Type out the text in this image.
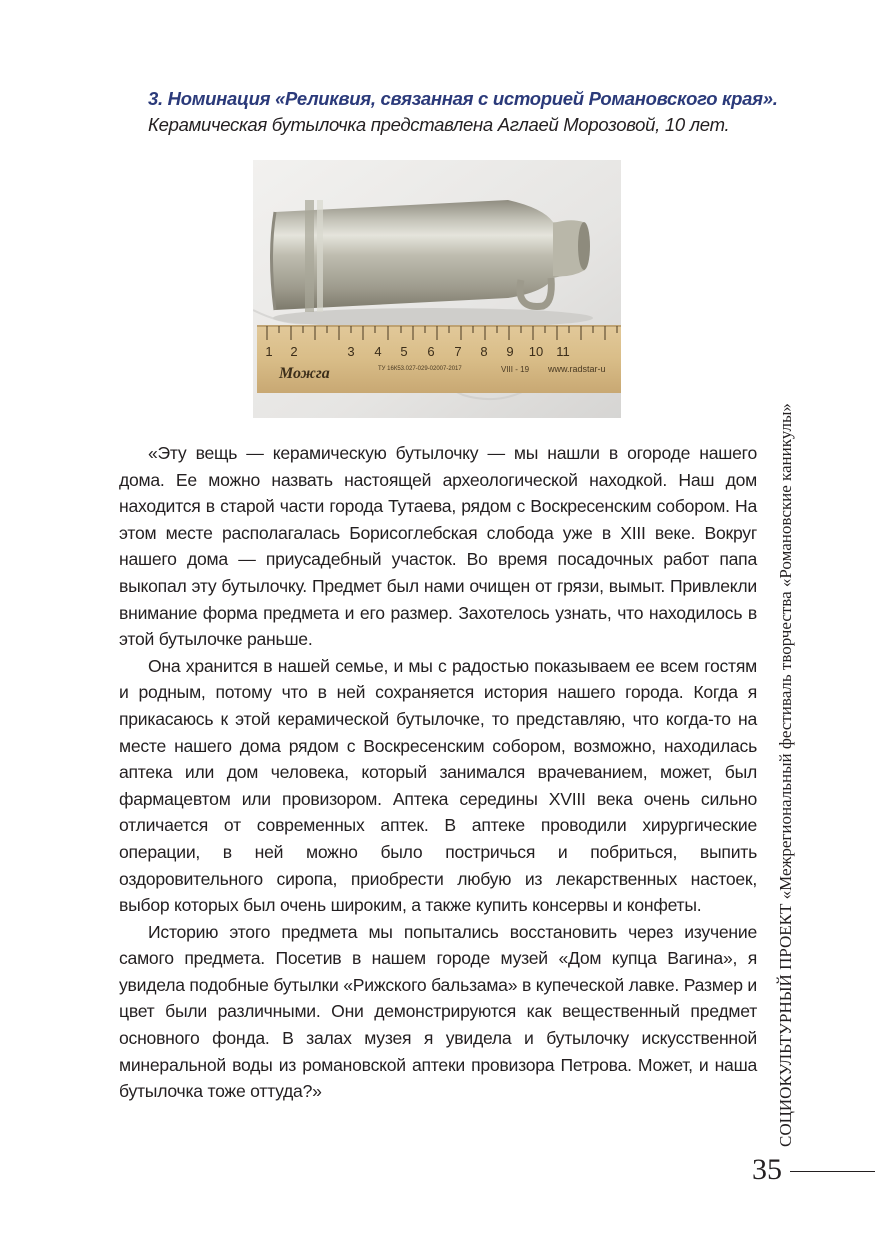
3. Номинация «Реликвия, связанная с историей Романовского края».
Керамическая бутылочка представлена Аглаей Морозовой, 10 лет.
1 2	3 4 5 6 7 8 9 10 11
Можга	ТУ 16К53.027-029-02007-2017	VIII - 19 www.radstar-u

«Эту вещь — керамическую бутылочку — мы нашли в огороде нашего дома. Ее можно назвать настоящей археологической находкой. Наш дом находится в старой части города Тутаева, рядом с Воскресенским собором. На этом месте располагалась Борисоглебская слобода уже в XIII веке. Вокруг нашего дома — приусадебный участок. Во время посадочных работ папа выкопал эту бутылочку. Предмет был нами очищен от грязи, вымыт. Привлекли внимание форма предмета и его размер. Захотелось узнать, что находилось в этой бутылочке раньше.

Она хранится в нашей семье, и мы с радостью показываем ее всем гостям и родным, потому что в ней сохраняется история нашего города. Когда я прикасаюсь к этой керамической бутылочке, то представляю, что когда-то на месте нашего дома рядом с Воскресенским собором, возможно, находилась аптека или дом человека, который занимался врачеванием, может, был фармацевтом или провизором. Аптека середины XVIII века очень сильно отличается от современных аптек. В аптеке проводили хирургические операции, в ней можно было постричься и побриться, выпить оздоровительного сиропа, приобрести любую из лекарственных настоек, выбор которых был очень широким, а также купить консервы и конфеты.

Историю этого предмета мы попытались восстановить через изучение самого предмета. Посетив в нашем городе музей «Дом купца Вагина», я увидела подобные бутылки «Рижского бальзама» в купеческой лавке. Размер и цвет были различными. Они демонстрируются как вещественный предмет основного фонда. В залах музея я увидела и бутылочку искусственной минеральной воды из романовской аптеки провизора Петрова. Может, и наша бутылочка тоже оттуда?»	СОЦИОКУЛЬТУРНЫЙ ПРОЕКТ «Межрегиональный фестиваль творчества «Романовские каникулы»
35
